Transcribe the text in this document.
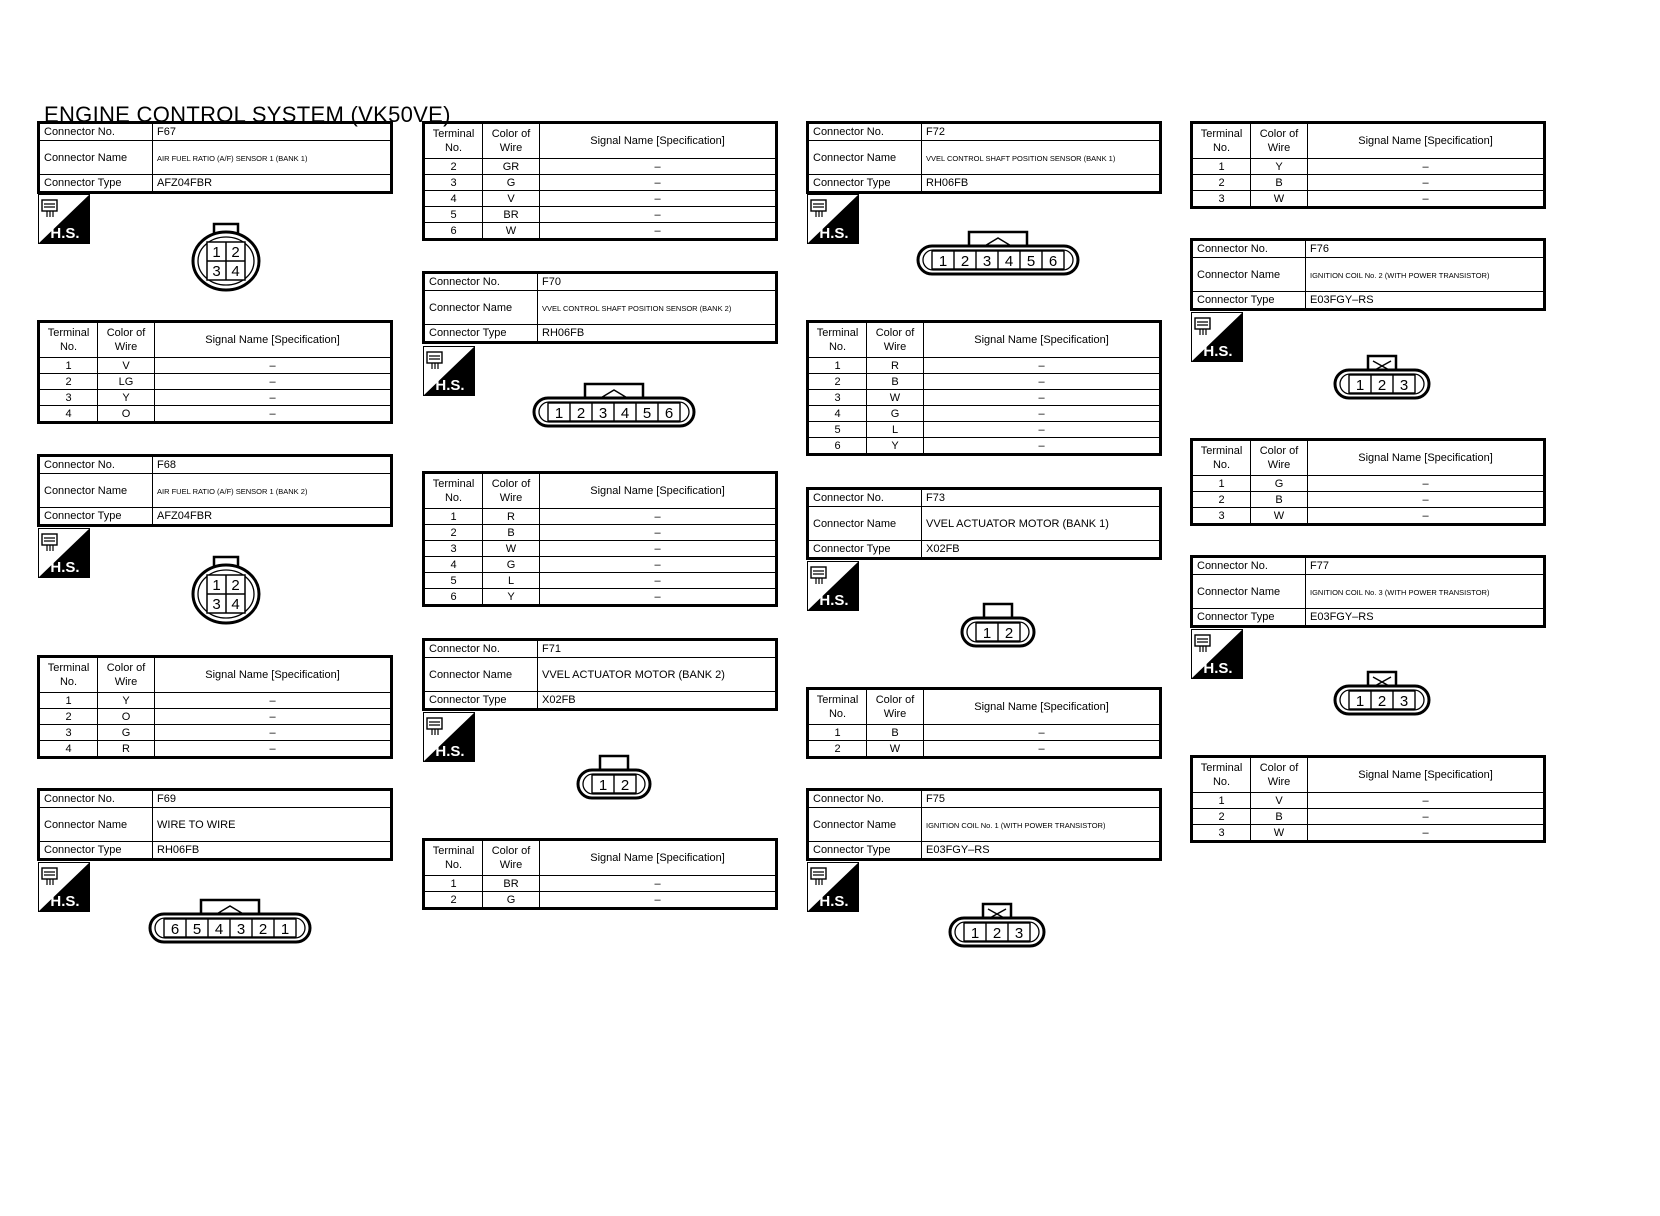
ENGINE CONTROL SYSTEM (VK50VE)
Connector No.	F67
Connector Name	AIR FUEL RATIO (A/F) SENSOR 1 (BANK 1)
Connector Type	AFZ04FBR
H.S.
1 2
3 4
Terminal No.	Color of Wire	Signal Name [Specification]
1	V	–
2	LG	–
3	Y	–
4	O	–
Connector No.	F68
Connector Name	AIR FUEL RATIO (A/F) SENSOR 1 (BANK 2)
Connector Type	AFZ04FBR
H.S.
1 2
3 4
Terminal No.	Color of Wire	Signal Name [Specification]
1	Y	–
2	O	–
3	G	–
4	R	–
Connector No.	F69
Connector Name	WIRE TO WIRE
Connector Type	RH06FB
H.S.
6 5 4 3 2 1
Terminal No.	Color of Wire	Signal Name [Specification]
2	GR	–
3	G	–
4	V	–
5	BR	–
6	W	–
Connector No.	F70
Connector Name	VVEL CONTROL SHAFT POSITION SENSOR (BANK 2)
Connector Type	RH06FB
H.S.
1 2 3 4 5 6
Terminal No.	Color of Wire	Signal Name [Specification]
1	R	–
2	B	–
3	W	–
4	G	–
5	L	–
6	Y	–
Connector No.	F71
Connector Name	VVEL ACTUATOR MOTOR (BANK 2)
Connector Type	X02FB
H.S.
1 2
Terminal No.	Color of Wire	Signal Name [Specification]
1	BR	–
2	G	–
Connector No.	F72
Connector Name	VVEL CONTROL SHAFT POSITION SENSOR (BANK 1)
Connector Type	RH06FB
H.S.
1 2 3 4 5 6
Terminal No.	Color of Wire	Signal Name [Specification]
1	R	–
2	B	–
3	W	–
4	G	–
5	L	–
6	Y	–
Connector No.	F73
Connector Name	VVEL ACTUATOR MOTOR (BANK 1)
Connector Type	X02FB
H.S.
1 2
Terminal No.	Color of Wire	Signal Name [Specification]
1	B	–
2	W	–
Connector No.	F75
Connector Name	IGNITION COIL No. 1 (WITH POWER TRANSISTOR)
Connector Type	E03FGY–RS
H.S.
1 2 3
Connector No.	F76
Connector Name	IGNITION COIL No. 2 (WITH POWER TRANSISTOR)
Connector Type	E03FGY–RS
H.S.
1 2 3
Terminal No.	Color of Wire	Signal Name [Specification]
1	G	–
2	B	–
3	W	–
Connector No.	F77
Connector Name	IGNITION COIL No. 3 (WITH POWER TRANSISTOR)
Connector Type	E03FGY–RS
H.S.
1 2 3
Terminal No.	Color of Wire	Signal Name [Specification]
1	V	–
2	B	–
3	W	–
Terminal No.	Color of Wire	Signal Name [Specification]
1	Y	–
2	B	–
3	W	–
